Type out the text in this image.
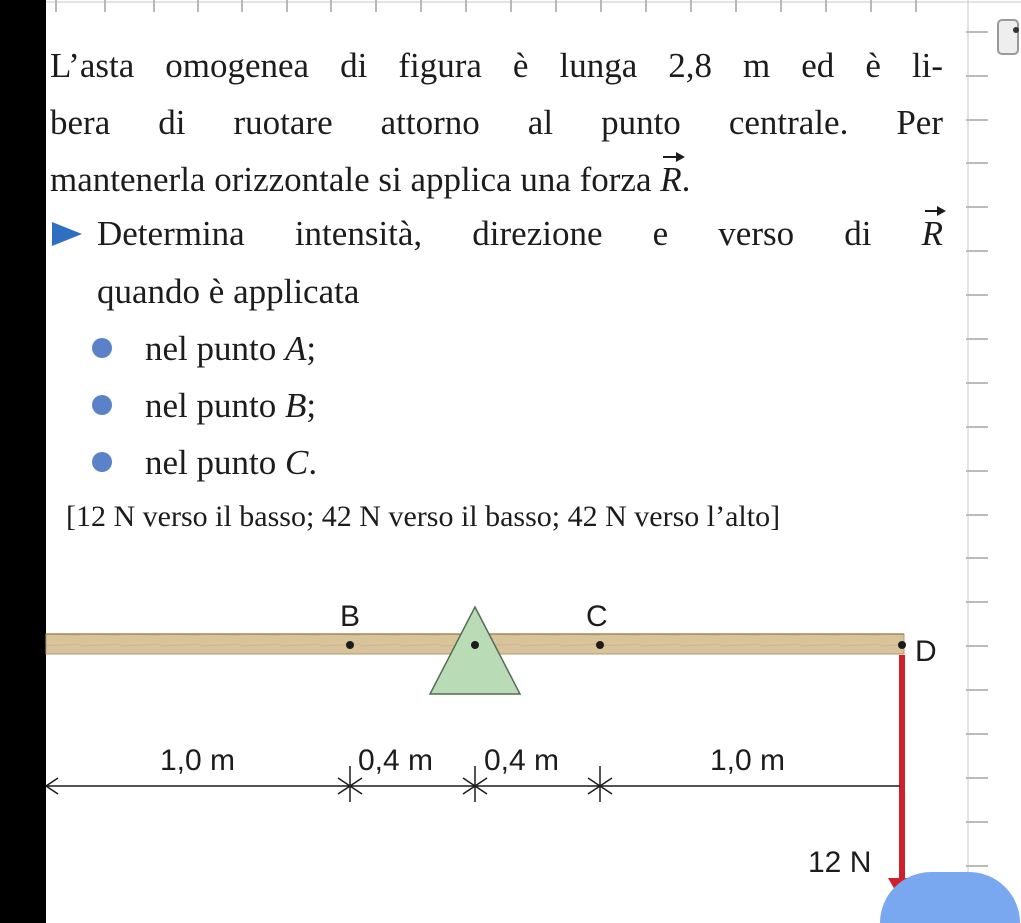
L’asta omogenea di figura è lunga 2,8 m ed è li-
bera di ruotare attorno al punto centrale. Per
mantenerla orizzontale si applica una forza R.
Determina intensità, direzione e verso di R
quando è applicata
nel punto A;
nel punto B;
nel punto C.
[12 N verso il basso; 42 N verso il basso; 42 N verso l’alto]
B	C
D
12 N
1,0 m	0,4 m 0,4 m	1,0 m
